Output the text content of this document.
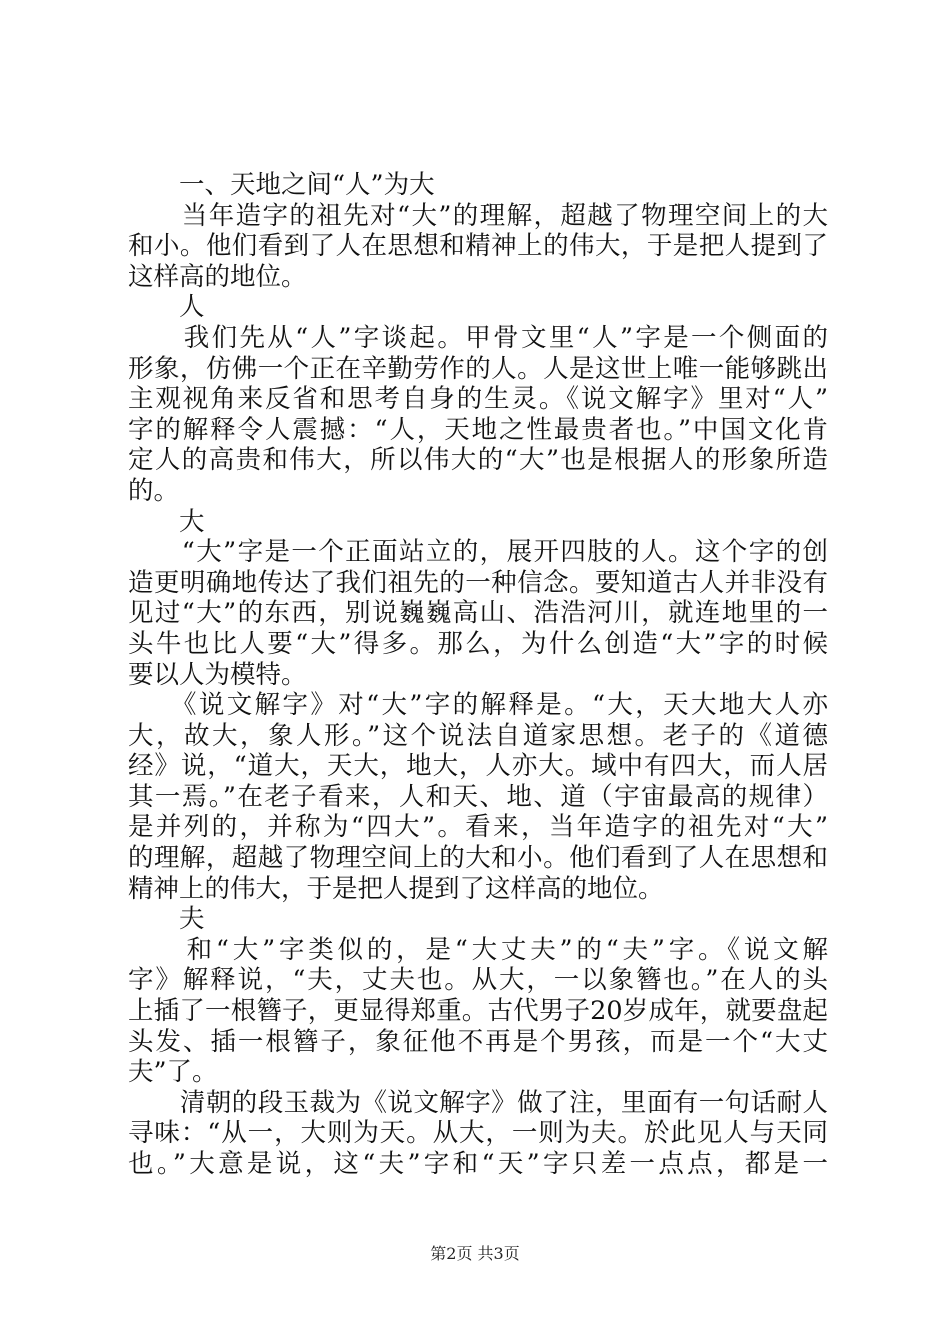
　　一、天地之间“人”为大
　　当年造字的祖先对“大”的理解，超越了物理空间上的大
和小。他们看到了人在思想和精神上的伟大，于是把人提到了
这样高的地位。
　　人
　　我们先从“人”字谈起。甲骨文里“人”字是一个侧面的
形象，仿佛一个正在辛勤劳作的人。人是这世上唯一能够跳出
主观视角来反省和思考自身的生灵。《说文解字》里对“人”
字的解释令人震撼：“人，天地之性最贵者也。”中国文化肯
定人的高贵和伟大，所以伟大的“大”也是根据人的形象所造
的。
　　大
　　“大”字是一个正面站立的，展开四肢的人。这个字的创
造更明确地传达了我们祖先的一种信念。要知道古人并非没有
见过“大”的东西，别说巍巍高山、浩浩河川，就连地里的一
头牛也比人要“大”得多。那么，为什么创造“大”字的时候
要以人为模特。
　　《说文解字》对“大”字的解释是。“大，天大地大人亦
大，故大，象人形。”这个说法自道家思想。老子的《道德
经》说，“道大，天大，地大，人亦大。域中有四大，而人居
其一焉。”在老子看来，人和天、地、道（宇宙最高的规律）
是并列的，并称为“四大”。看来，当年造字的祖先对“大”
的理解，超越了物理空间上的大和小。他们看到了人在思想和
精神上的伟大，于是把人提到了这样高的地位。
　　夫
　　和“大”字类似的，是“大丈夫”的“夫”字。《说文解
字》解释说，“夫，丈夫也。从大，一以象簪也。”在人的头
上插了一根簪子，更显得郑重。古代男子20岁成年，就要盘起
头发、插一根簪子，象征他不再是个男孩，而是一个“大丈
夫”了。
　　清朝的段玉裁为《说文解字》做了注，里面有一句话耐人
寻味：“从一，大则为天。从大，一则为夫。於此见人与天同
也。”大意是说，这“夫”字和“天”字只差一点点，都是一
第2页 共3页
